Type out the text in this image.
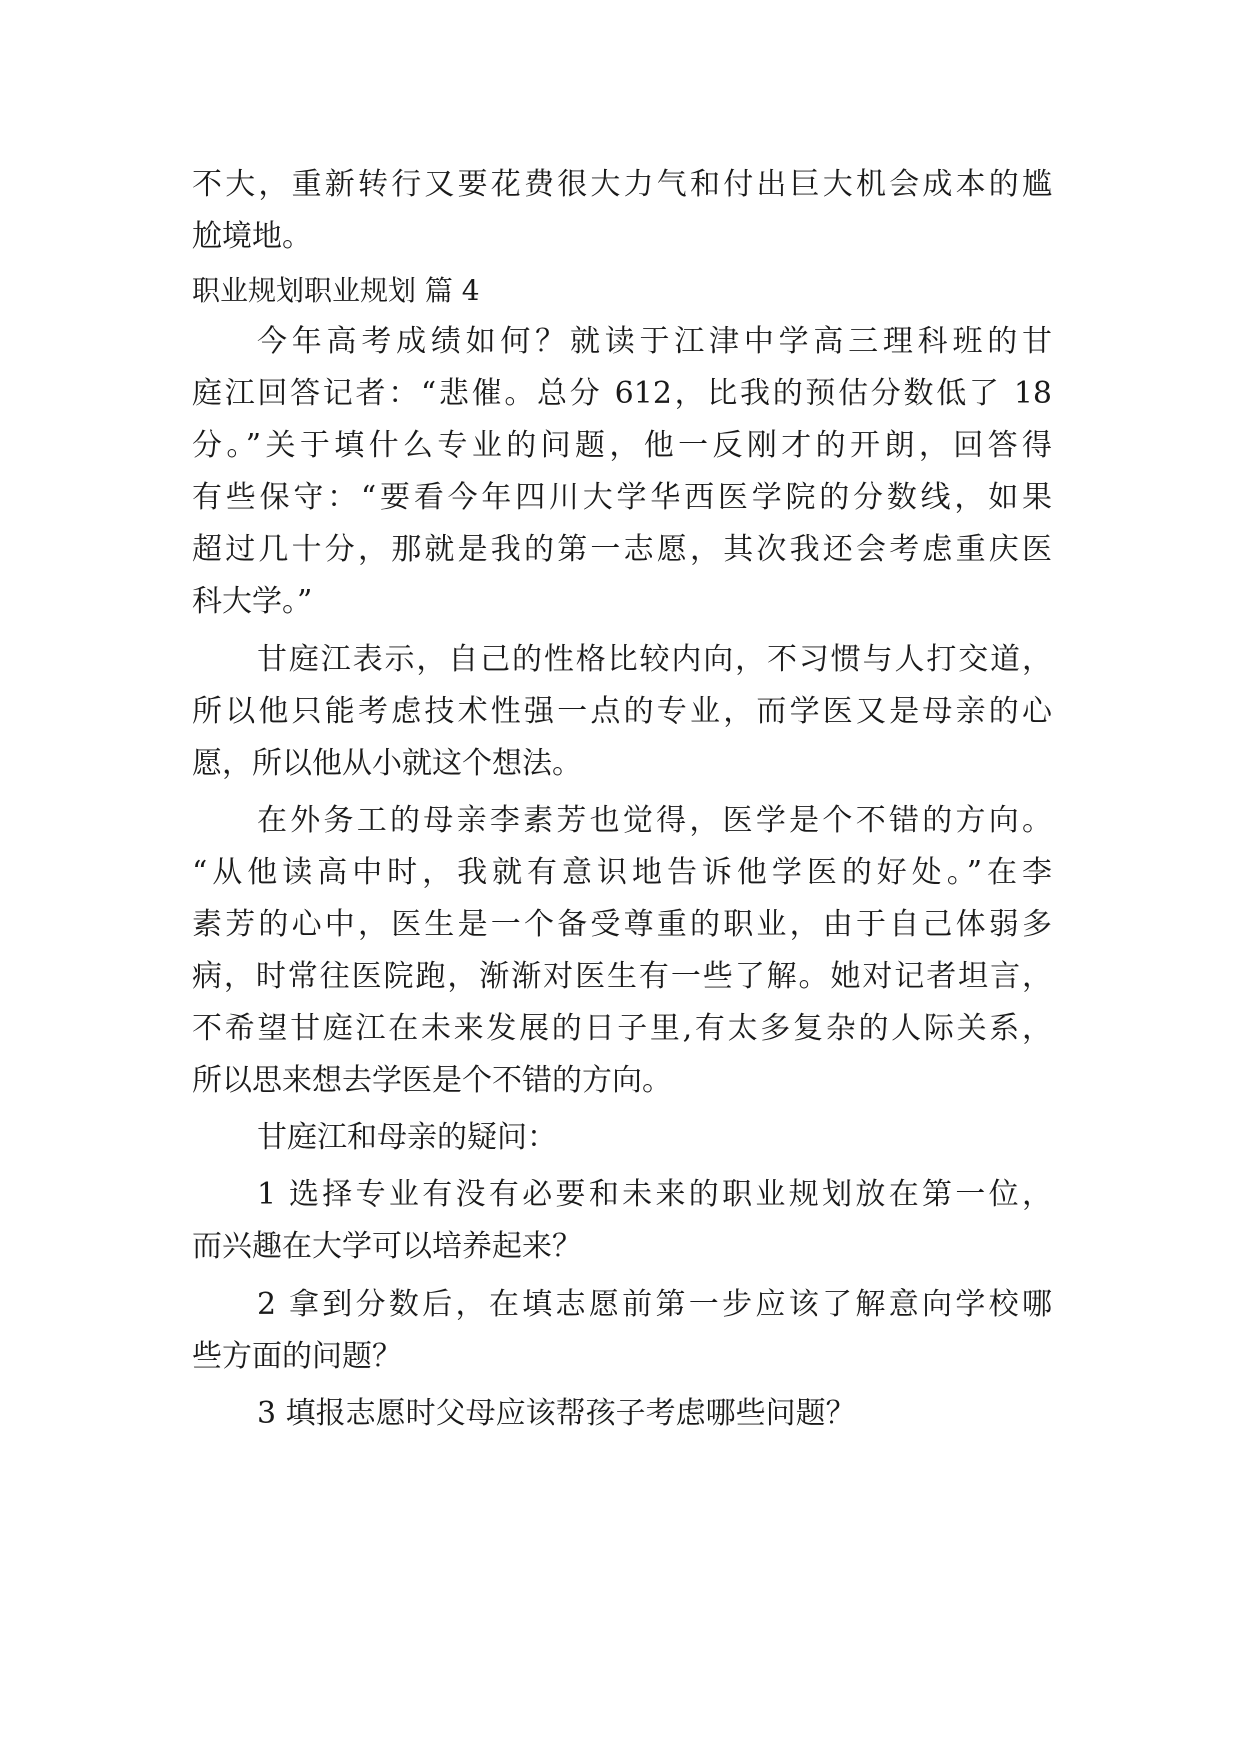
不大，重新转行又要花费很大力气和付出巨大机会成本的尴
尬境地。
职业规划职业规划 篇 4
今年高考成绩如何？就读于江津中学高三理科班的甘
庭江回答记者：“悲催。总分 612，比我的预估分数低了 18
分。”关于填什么专业的问题，他一反刚才的开朗，回答得
有些保守：“要看今年四川大学华西医学院的分数线，如果
超过几十分，那就是我的第一志愿，其次我还会考虑重庆医
科大学。”
甘庭江表示，自己的性格比较内向，不习惯与人打交道，
所以他只能考虑技术性强一点的专业，而学医又是母亲的心
愿，所以他从小就这个想法。
在外务工的母亲李素芳也觉得，医学是个不错的方向。
“从他读高中时，我就有意识地告诉他学医的好处。”在李
素芳的心中，医生是一个备受尊重的职业，由于自己体弱多
病，时常往医院跑，渐渐对医生有一些了解。她对记者坦言，
不希望甘庭江在未来发展的日子里,有太多复杂的人际关系，
所以思来想去学医是个不错的方向。
甘庭江和母亲的疑问：
1 选择专业有没有必要和未来的职业规划放在第一位，
而兴趣在大学可以培养起来？
2 拿到分数后，在填志愿前第一步应该了解意向学校哪
些方面的问题？
3 填报志愿时父母应该帮孩子考虑哪些问题？
